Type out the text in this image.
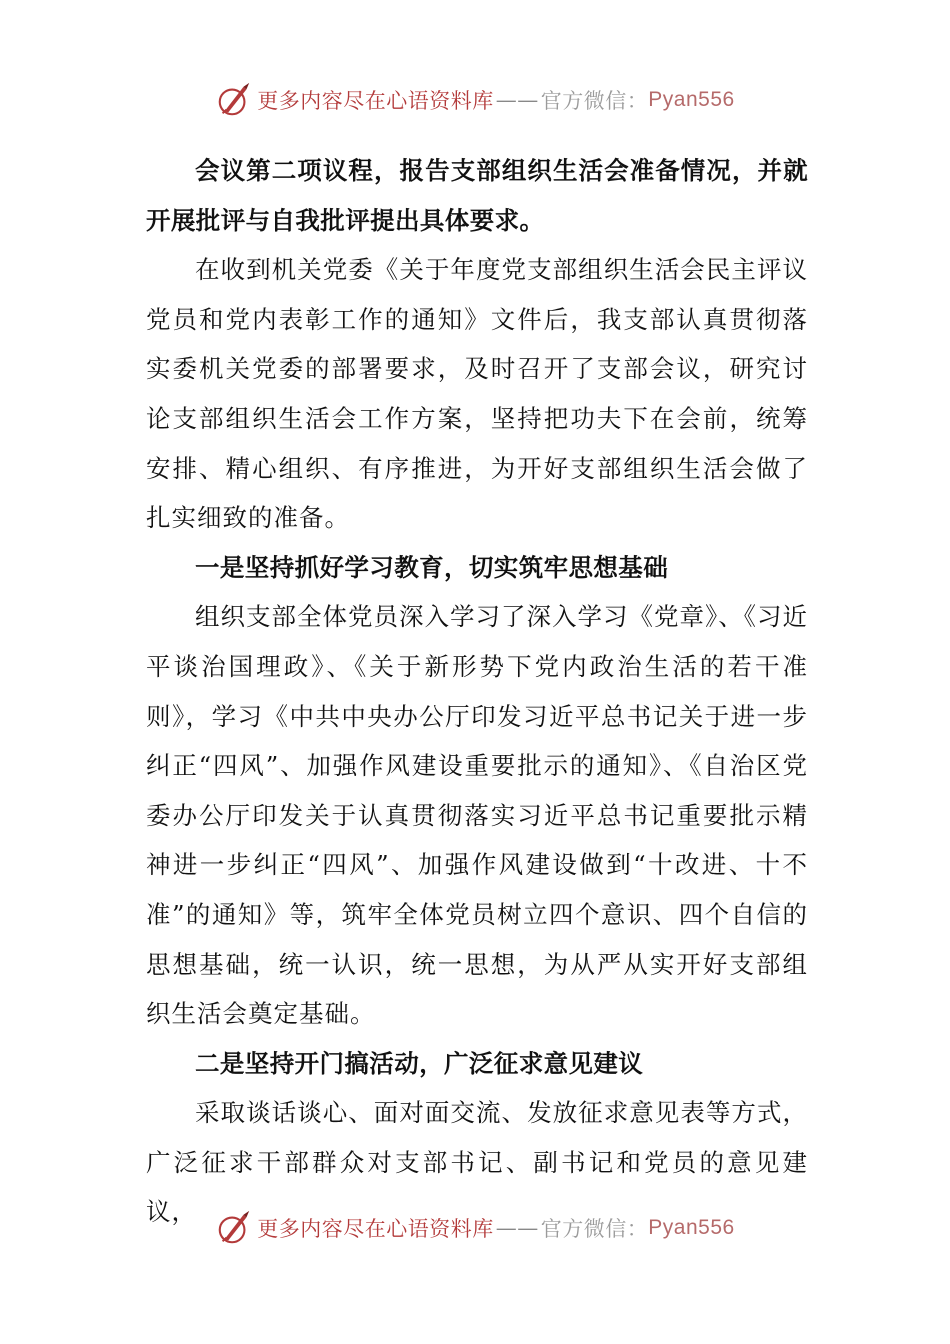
更多内容尽在心语资料库 —— 官方微信： Pyan556

会议第二项议程，报告支部组织生活会准备情况，并就开展批评与自我批评提出具体要求。

在收到机关党委《关于年度党支部组织生活会民主评议党员和党内表彰工作的通知》文件后，我支部认真贯彻落实委机关党委的部署要求，及时召开了支部会议，研究讨论支部组织生活会工作方案，坚持把功夫下在会前，统筹安排、精心组织、有序推进，为开好支部组织生活会做了扎实细致的准备。

一是坚持抓好学习教育，切实筑牢思想基础

组织支部全体党员深入学习了深入学习《党章》、《习近平谈治国理政》、《关于新形势下党内政治生活的若干准则》，学习《中共中央办公厅印发习近平总书记关于进一步纠正“四风”、加强作风建设重要批示的通知》、《自治区党委办公厅印发关于认真贯彻落实习近平总书记重要批示精神进一步纠正“四风”、加强作风建设做到“十改进、十不准”的通知》等，筑牢全体党员树立四个意识、四个自信的思想基础，统一认识，统一思想，为从严从实开好支部组织生活会奠定基础。

二是坚持开门搞活动，广泛征求意见建议

采取谈话谈心、面对面交流、发放征求意见表等方式，广泛征求干部群众对支部书记、副书记和党员的意见建议，

更多内容尽在心语资料库 —— 官方微信： Pyan556
